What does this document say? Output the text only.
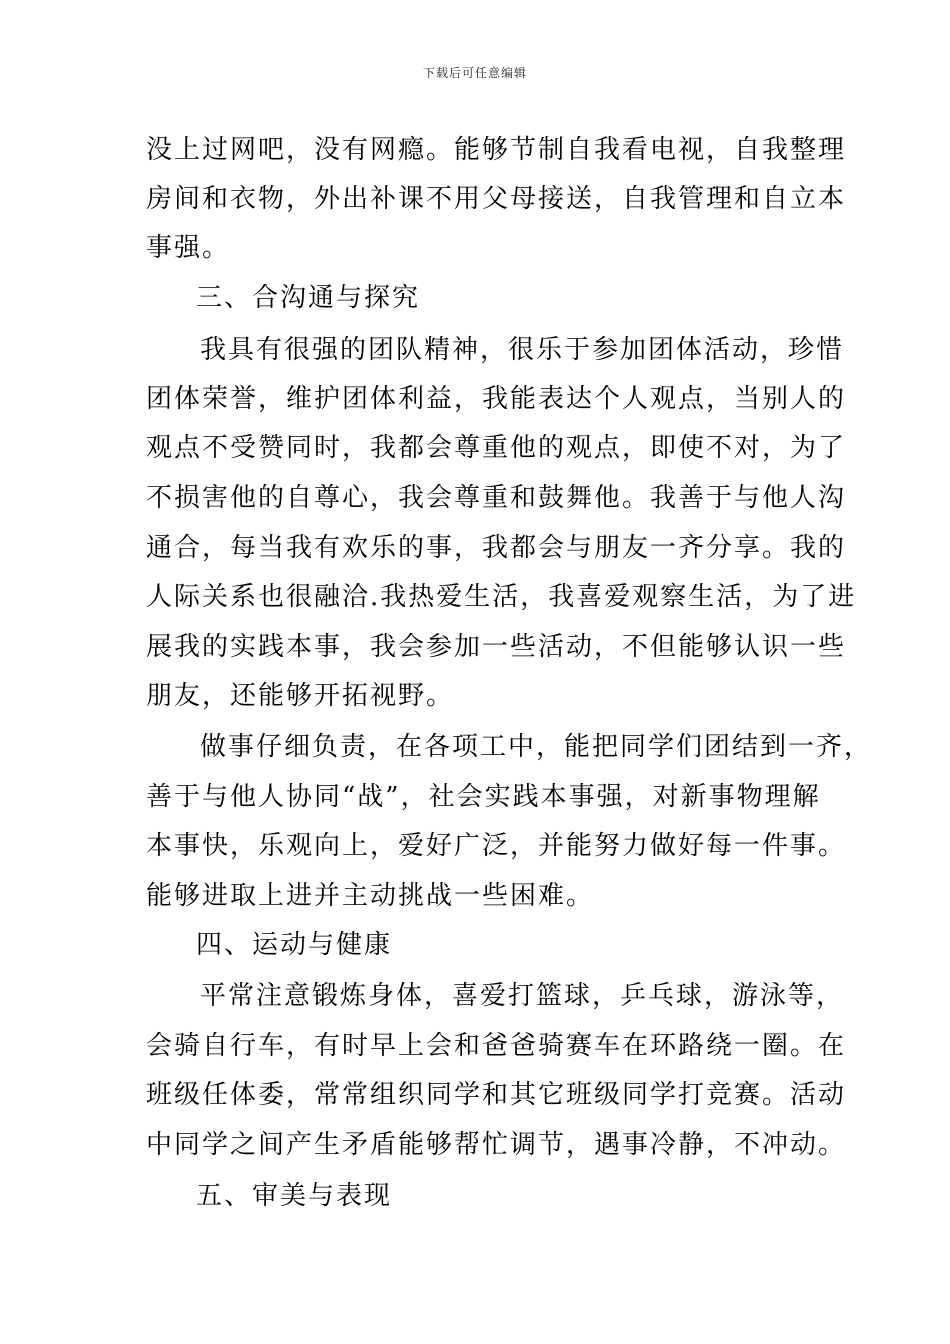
下载后可任意编辑
没上过网吧，没有网瘾。能够节制自我看电视，自我整理
房间和衣物，外出补课不用父母接送，自我管理和自立本
事强。
三、合沟通与探究
我具有很强的团队精神，很乐于参加团体活动，珍惜
团体荣誉，维护团体利益，我能表达个人观点，当别人的
观点不受赞同时，我都会尊重他的观点，即使不对，为了
不损害他的自尊心，我会尊重和鼓舞他。我善于与他人沟
通合，每当我有欢乐的事，我都会与朋友一齐分享。我的
人际关系也很融洽.我热爱生活，我喜爱观察生活，为了进
展我的实践本事，我会参加一些活动，不但能够认识一些
朋友，还能够开拓视野。
做事仔细负责，在各项工中，能把同学们团结到一齐，
善于与他人协同“战”，社会实践本事强，对新事物理解
本事快，乐观向上，爱好广泛，并能努力做好每一件事。
能够进取上进并主动挑战一些困难。
四、运动与健康
平常注意锻炼身体，喜爱打篮球，乒乓球，游泳等，
会骑自行车，有时早上会和爸爸骑赛车在环路绕一圈。在
班级任体委，常常组织同学和其它班级同学打竞赛。活动
中同学之间产生矛盾能够帮忙调节，遇事冷静，不冲动。
五、审美与表现
